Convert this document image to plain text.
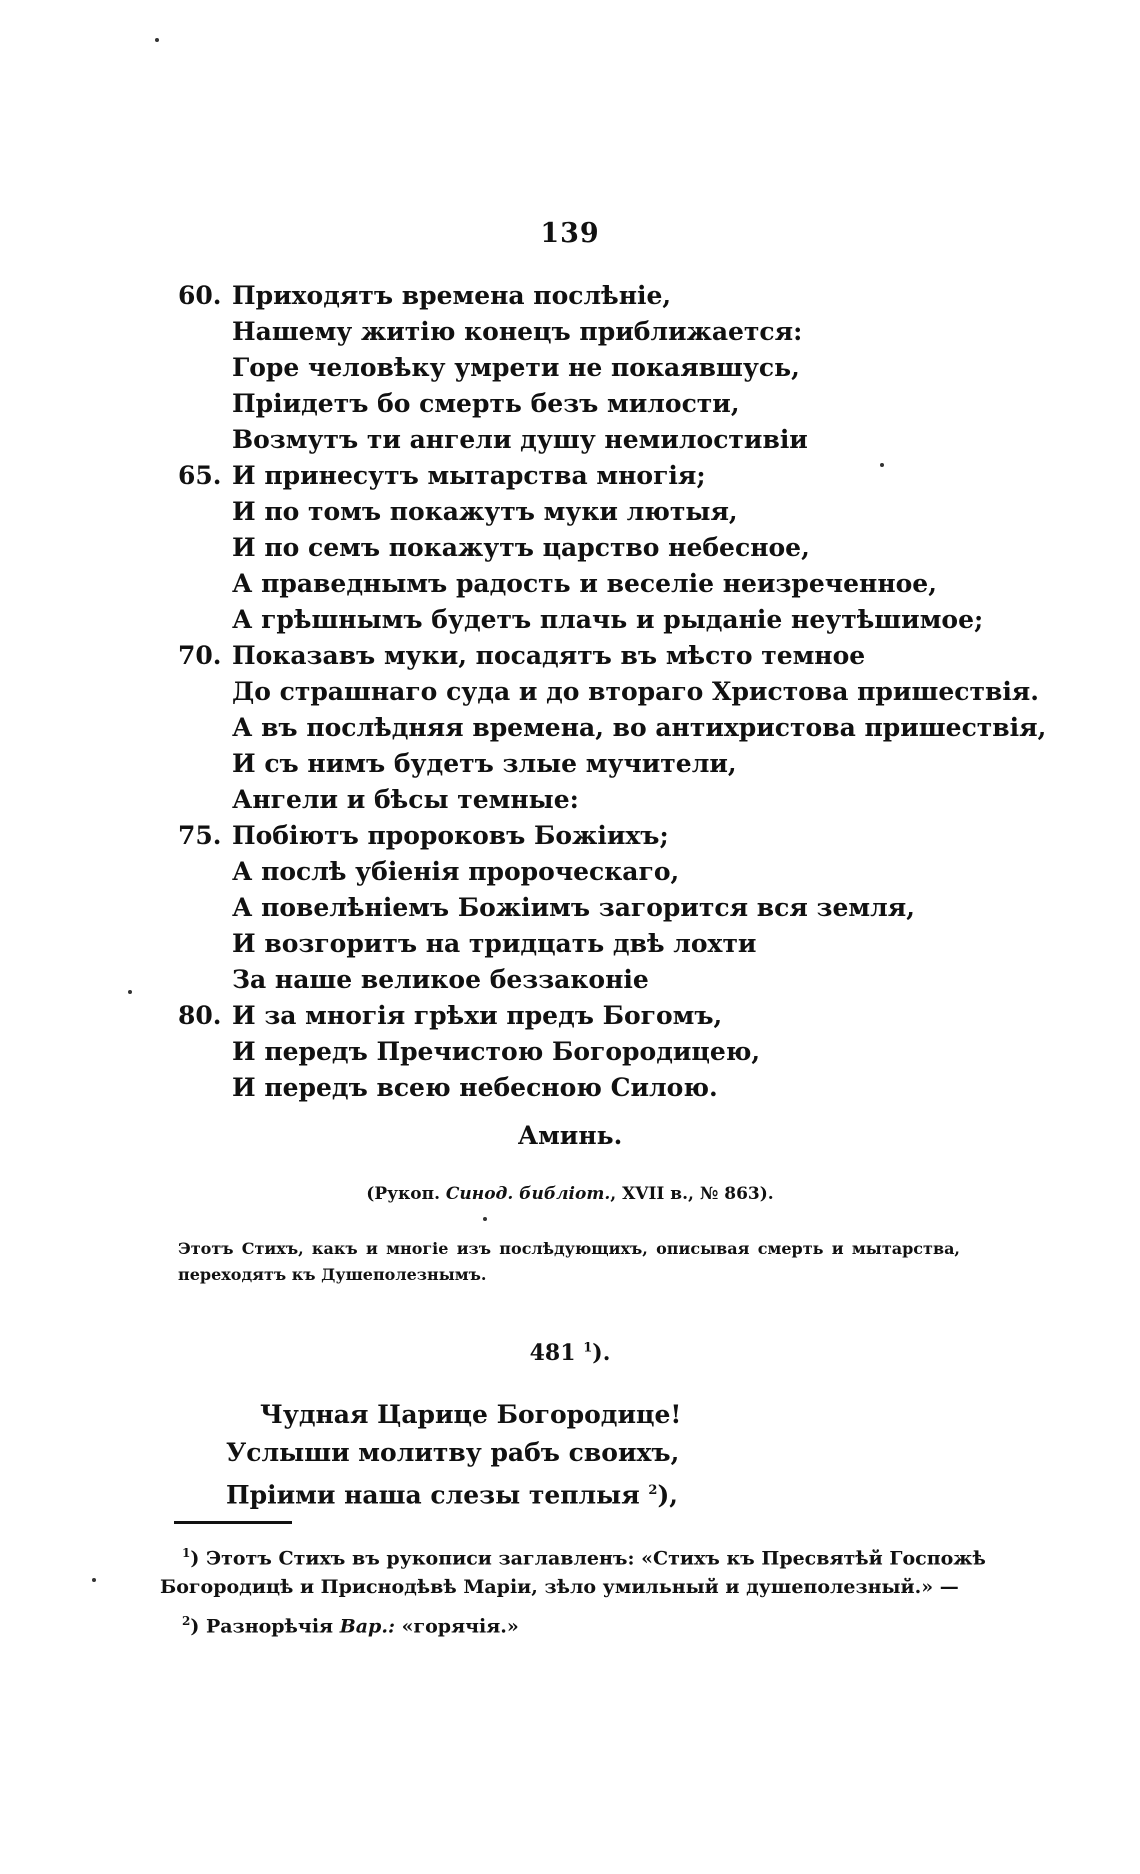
139
60. Приходятъ времена послѣніе,
Нашему житію конецъ приближается:
Горе человѣку умрети не покаявшусь,
Пріидетъ бо смерть безъ милости,
Возмутъ ти ангели душу немилостивіи
65. И принесутъ мытарства многія;
И по томъ покажутъ муки лютыя,
И по семъ покажутъ царство небесное,
А праведнымъ радость и веселіе неизреченное,
А грѣшнымъ будетъ плачь и рыданіе неутѣшимое;
70. Показавъ муки, посадятъ въ мѣсто темное
До страшнаго суда и до втораго Христова пришествія.
А въ послѣдняя времена, во антихристова пришествія,
И съ нимъ будетъ злые мучители,
Ангели и бѣсы темные:
75. Побіютъ пророковъ Божіихъ;
А послѣ убіенія пророческаго,
А повелѣніемъ Божіимъ загорится вся земля,
И возгоритъ на тридцать двѣ лохти
За наше великое беззаконіе
80. И за многія грѣхи предъ Богомъ,
И передъ Пречистою Богородицею,
И передъ всею небесною Силою.
Аминь.
(Рукоп. Синод. библіот., XVII в., № 863).
Этотъ Стихъ, какъ и многіе изъ послѣдующихъ, описывая смерть и мытарства, переходятъ къ Душеполезнымъ.
481 $^1$).
Чудная Царице Богородице!
Услыши молитву рабъ своихъ,
Пріими наша слезы теплыя $^2$),
$^1$) Этотъ Стихъ въ рукописи заглавленъ: «Стихъ къ Пресвятѣй Госпожѣ
Богородицѣ и Приснодѣвѣ Маріи, зѣло умильный и душеполезный.» —
$^2$) Разнорѣчія Вар.: «горячія.»
